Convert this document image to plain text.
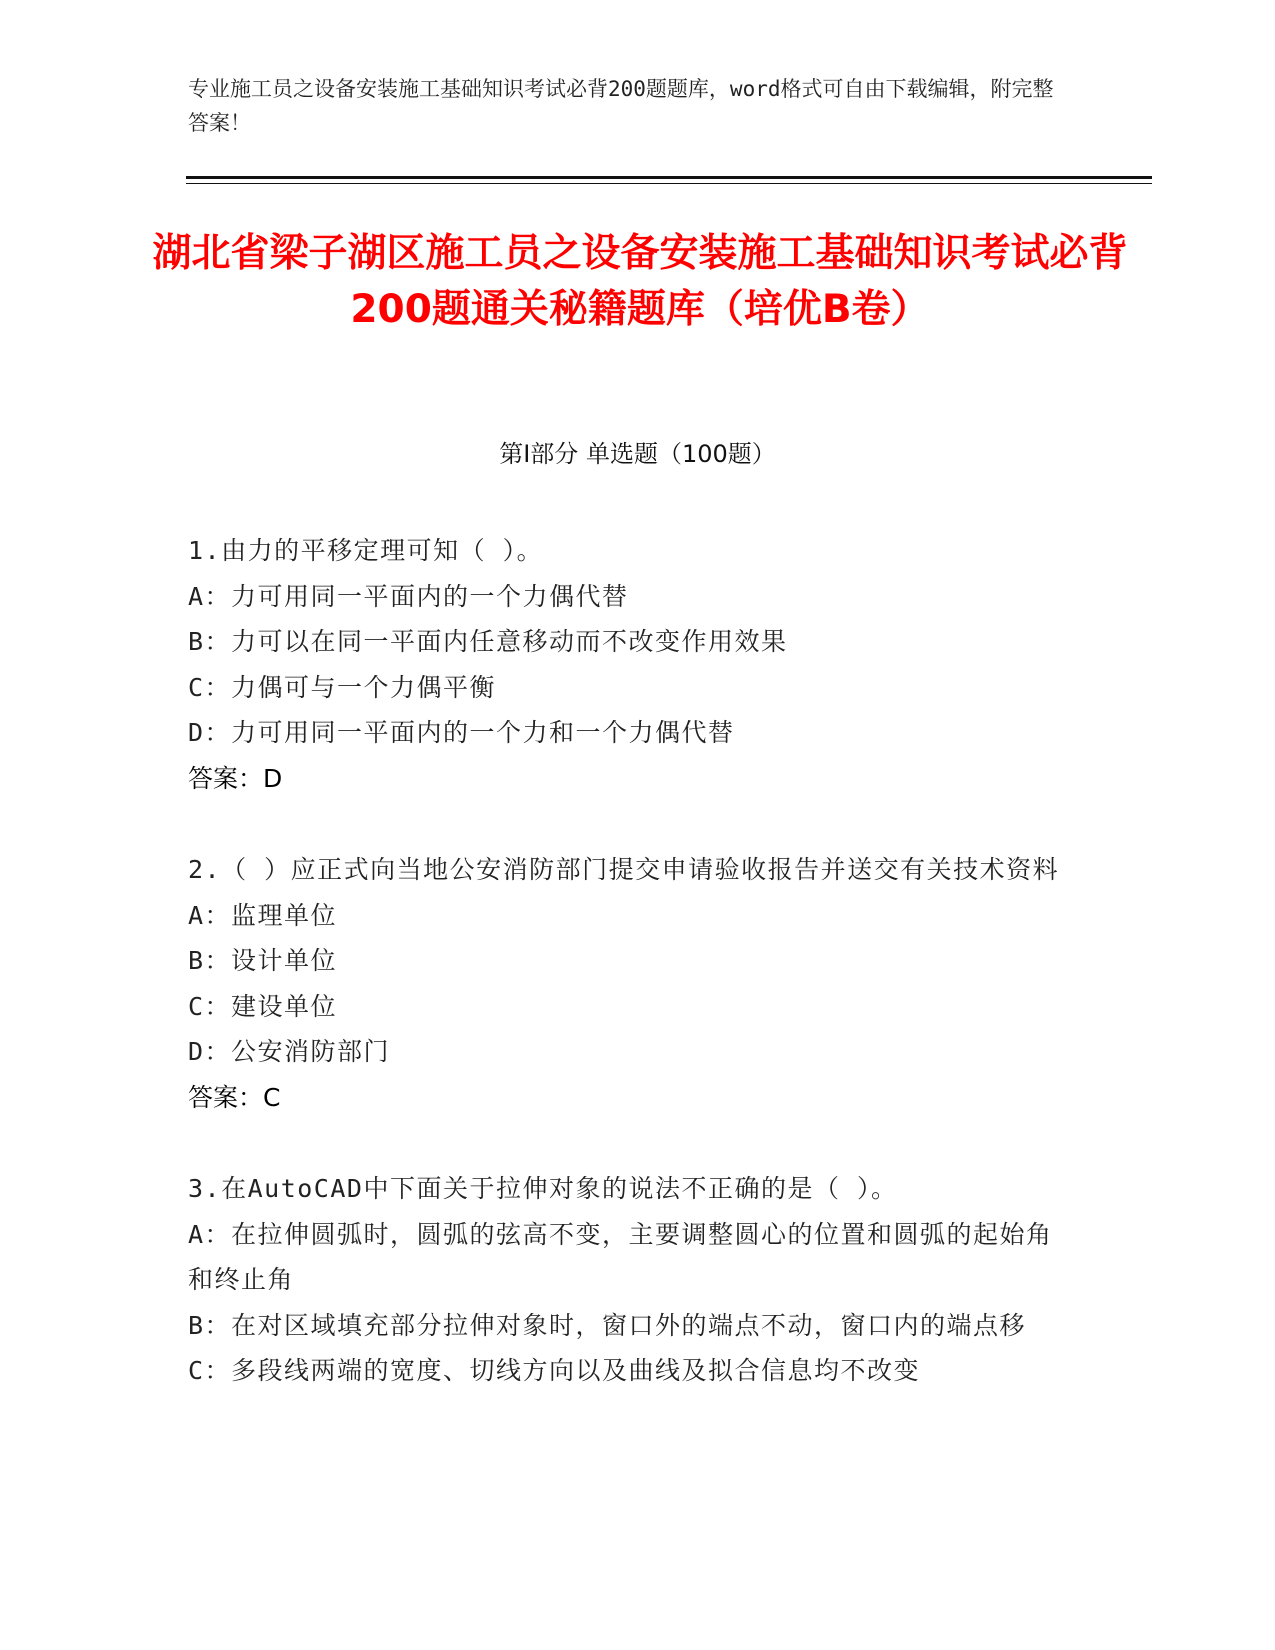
专业施工员之设备安装施工基础知识考试必背200题题库，word格式可自由下载编辑，附完整答案！
湖北省梁子湖区施工员之设备安装施工基础知识考试必背200题通关秘籍题库（培优B卷）
第Ⅰ部分 单选题（100题）
1.由力的平移定理可知（ ）。
A：力可用同一平面内的一个力偶代替
B：力可以在同一平面内任意移动而不改变作用效果
C：力偶可与一个力偶平衡
D：力可用同一平面内的一个力和一个力偶代替
答案：D
2.（ ）应正式向当地公安消防部门提交申请验收报告并送交有关技术资料
A：监理单位
B：设计单位
C：建设单位
D：公安消防部门
答案：C
3.在AutoCAD中下面关于拉伸对象的说法不正确的是（ ）。
A：在拉伸圆弧时，圆弧的弦高不变，主要调整圆心的位置和圆弧的起始角和终止角
B：在对区域填充部分拉伸对象时，窗口外的端点不动，窗口内的端点移
C：多段线两端的宽度、切线方向以及曲线及拟合信息均不改变
